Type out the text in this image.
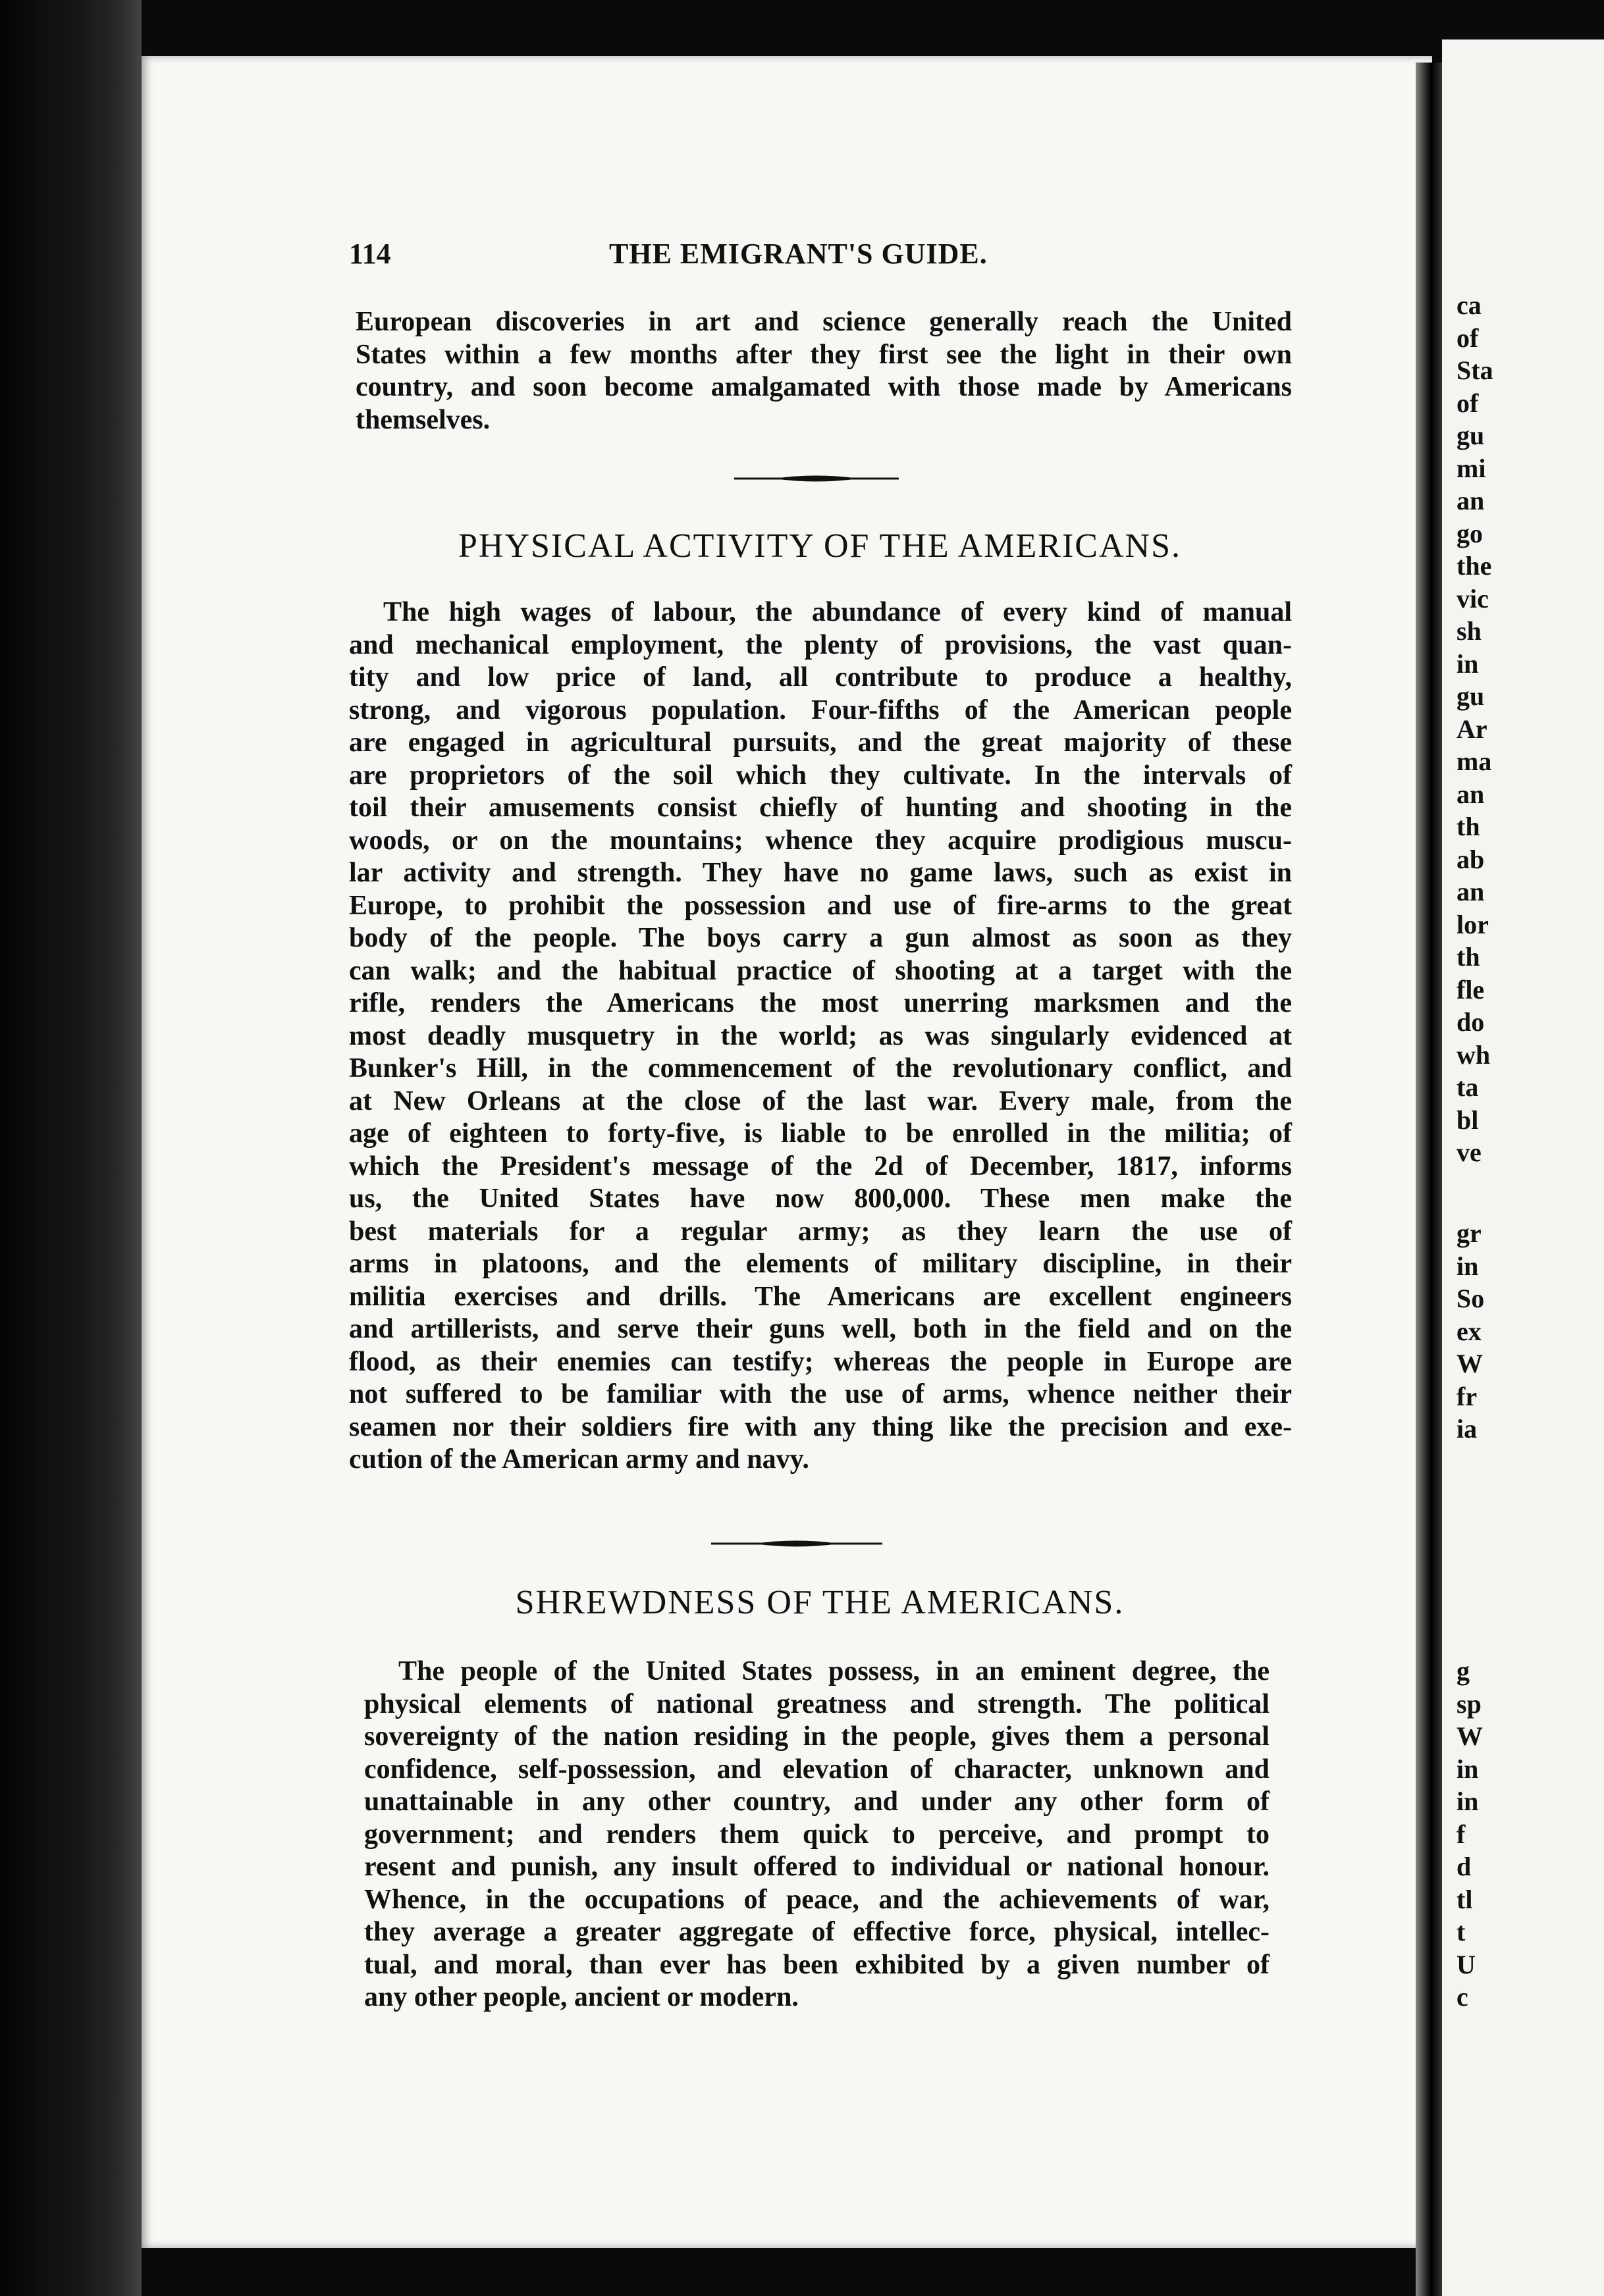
114	THE EMIGRANT'S GUIDE.
European discoveries in art and science generally reach the United
States within a few months after they first see the light in their own
country, and soon become amalgamated with those made by Americans
themselves.
PHYSICAL ACTIVITY OF THE AMERICANS.
The high wages of labour, the abundance of every kind of manual
and mechanical employment, the plenty of provisions, the vast quan-
tity and low price of land, all contribute to produce a healthy,
strong, and vigorous population. Four-fifths of the American people
are engaged in agricultural pursuits, and the great majority of these
are proprietors of the soil which they cultivate. In the intervals of
toil their amusements consist chiefly of hunting and shooting in the
woods, or on the mountains; whence they acquire prodigious muscu-
lar activity and strength. They have no game laws, such as exist in
Europe, to prohibit the possession and use of fire-arms to the great
body of the people. The boys carry a gun almost as soon as they
can walk; and the habitual practice of shooting at a target with the
rifle, renders the Americans the most unerring marksmen and the
most deadly musquetry in the world; as was singularly evidenced at
Bunker's Hill, in the commencement of the revolutionary conflict, and
at New Orleans at the close of the last war. Every male, from the
age of eighteen to forty-five, is liable to be enrolled in the militia; of
which the President's message of the 2d of December, 1817, informs
us, the United States have now 800,000. These men make the
best materials for a regular army; as they learn the use of
arms in platoons, and the elements of military discipline, in their
militia exercises and drills. The Americans are excellent engineers
and artillerists, and serve their guns well, both in the field and on the
flood, as their enemies can testify; whereas the people in Europe are
not suffered to be familiar with the use of arms, whence neither their
seamen nor their soldiers fire with any thing like the precision and exe-
cution of the American army and navy.
SHREWDNESS OF THE AMERICANS.
The people of the United States possess, in an eminent degree, the
physical elements of national greatness and strength. The political
sovereignty of the nation residing in the people, gives them a personal
confidence, self-possession, and elevation of character, unknown and
unattainable in any other country, and under any other form of
government; and renders them quick to perceive, and prompt to
resent and punish, any insult offered to individual or national honour.
Whence, in the occupations of peace, and the achievements of war,
they average a greater aggregate of effective force, physical, intellec-
tual, and moral, than ever has been exhibited by a given number of
any other people, ancient or modern.
ca
of
Sta
of
gu
mi
an
go
the
vic
sh
in
gu
Ar
ma
an
th
ab
an
lor
th
fle
do
wh
ta
bl
ve
gr
in
So
ex
W
fr
ia
g
sp
W
in
in
f
d
tl
t
U
c
